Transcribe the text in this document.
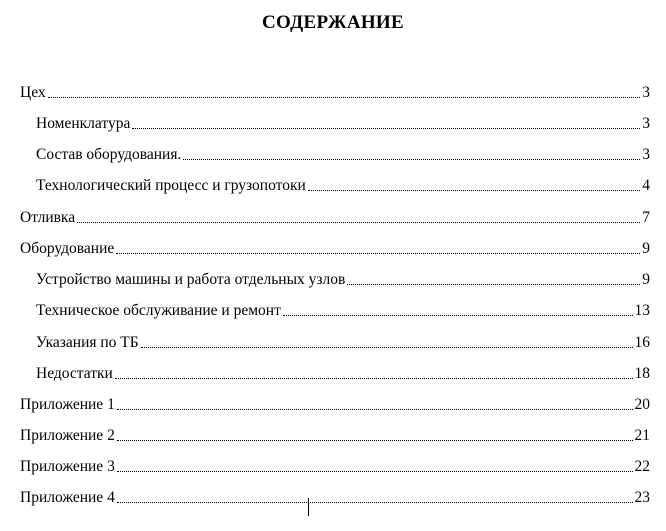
СОДЕРЖАНИЕ
Цех	3
Номенклатура	3
Состав оборудования.	3
Технологический процесс и грузопотоки	4
Отливка	7
Оборудование	9
Устройство машины и работа отдельных узлов	9
Техническое обслуживание и ремонт	13
Указания по ТБ	16
Недостатки	18
Приложение 1	20
Приложение 2	21
Приложение 3	22
Приложение 4	23
